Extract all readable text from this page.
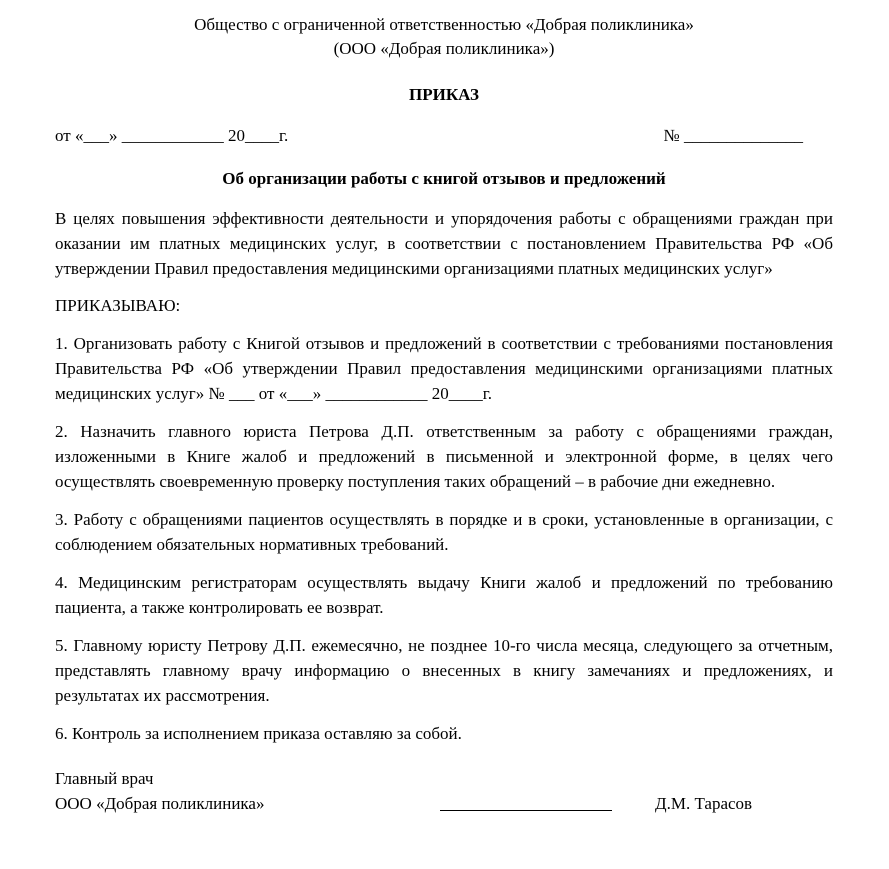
Общество с ограниченной ответственностью «Добрая поликлиника»
(ООО «Добрая поликлиника»)
ПРИКАЗ
от «___» ____________ 20____г.	№ ______________
Об организации работы с книгой отзывов и предложений

В целях повышения эффективности деятельности и упорядочения работы с обращениями граждан при оказании им платных медицинских услуг, в соответствии с постановлением Правительства РФ «Об утверждении Правил предоставления медицинскими организациями платных медицинских услуг»

ПРИКАЗЫВАЮ:

1. Организовать работу с Книгой отзывов и предложений в соответствии с требованиями постановления Правительства РФ «Об утверждении Правил предоставления медицинскими организациями платных медицинских услуг» № ___ от «___» ____________ 20____г.

2. Назначить главного юриста Петрова Д.П. ответственным за работу с обращениями граждан, изложенными в Книге жалоб и предложений в письменной и электронной форме, в целях чего осуществлять своевременную проверку поступления таких обращений – в рабочие дни ежедневно.

3. Работу с обращениями пациентов осуществлять в порядке и в сроки, установленные в организации, с соблюдением обязательных нормативных требований.

4. Медицинским регистраторам осуществлять выдачу Книги жалоб и предложений по требованию пациента, а также контролировать ее возврат.

5. Главному юристу Петрову Д.П. ежемесячно, не позднее 10-го числа месяца, следующего за отчетным, представлять главному врачу информацию о внесенных в книгу замечаниях и предложениях, и результатах их рассмотрения.

6. Контроль за исполнением приказа оставляю за собой.

Главный врач
ООО «Добрая поликлиника»	Д.М. Тарасов
